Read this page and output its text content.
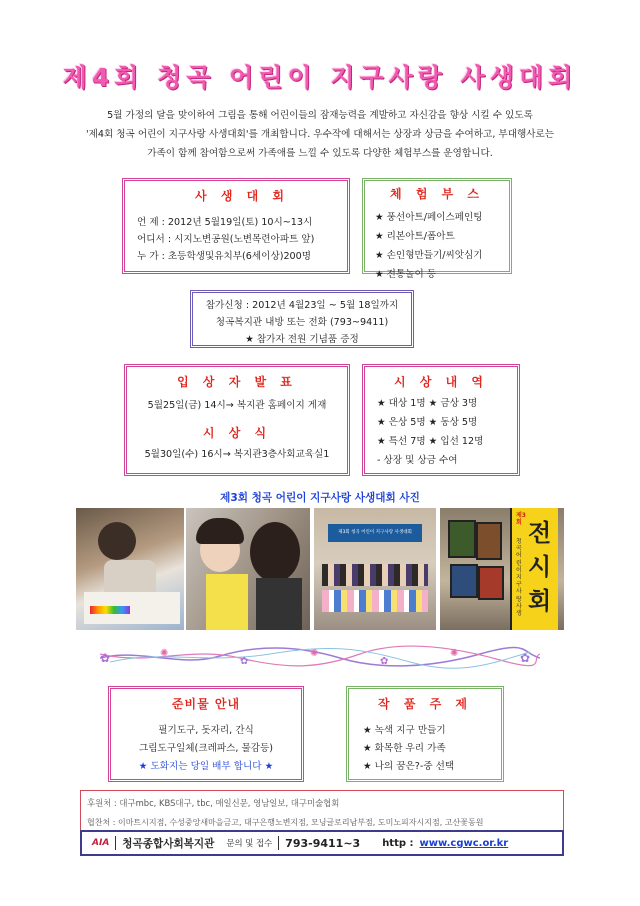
제4회 청곡 어린이 지구사랑 사생대회
5월 가정의 달을 맞이하여 그림을 통해 어린이들의 잠재능력을 계발하고 자신감을 향상 시킬 수 있도록
'제4회 청곡 어린이 지구사랑 사생대회'를 개최합니다. 우수작에 대해서는 상장과 상금을 수여하고, 부대행사로는
가족이 함께 참여함으로써 가족애를 느낄 수 있도록 다양한 체험부스를 운영합니다.
사 생 대 회
언 제 : 2012년 5월19일(토) 10시~13시
어디서 : 시지노변공원(노변목련아파트 앞)
누 가 : 초등학생및유치부(6세이상)200명
체 험 부 스
★ 풍선아트/페이스페인팅
★ 리본아트/폼아트
★ 손인형만들기/씨앗심기
★ 전통놀이 등
참가신청 : 2012년 4월23일 ~ 5월 18일까지
청곡복지관 내방 또는 전화 (793~9411)
★ 참가자 전원 기념품 증정
입 상 자 발 표
5월25일(금) 14시→ 복지관 홈페이지 게재
시 상 식
5월30일(수) 16시→ 복지관3층사회교육실1
시 상 내 역
★ 대상 1명 ★ 금상 3명
★ 은상 5명 ★ 동상 5명
★ 특선 7명 ★ 입선 12명
- 상장 및 상금 수여
제3회 청곡 어린이 지구사랑 사생대회 사진
제3회 청곡 어린이 지구사랑 사생대회
제3회
청곡어린이지구사랑 사생
전시회
✿	✺
✿
✺
✿
✺	✿
준비물 안내
필기도구, 돗자리, 간식
그림도구일체(크레파스, 물감등)
★ 도화지는 당일 배부 합니다 ★
작 품 주 제
★ 녹색 지구 만들기
★ 화목한 우리 가족
★ 나의 꿈은?-중 선택
후원처 : 대구mbc, KBS대구, tbc, 매일신문, 영남일보, 대구미술협회
협찬처 : 이마트시지점, 수성중앙새마을금고, 대구은행노변지점, 모닝글로리남부점, 도미노피자시지점, 고산꽃동원
AIA 청곡종합사회복지관 문의 및 접수 793-9411~3 http : www.cgwc.or.kr
